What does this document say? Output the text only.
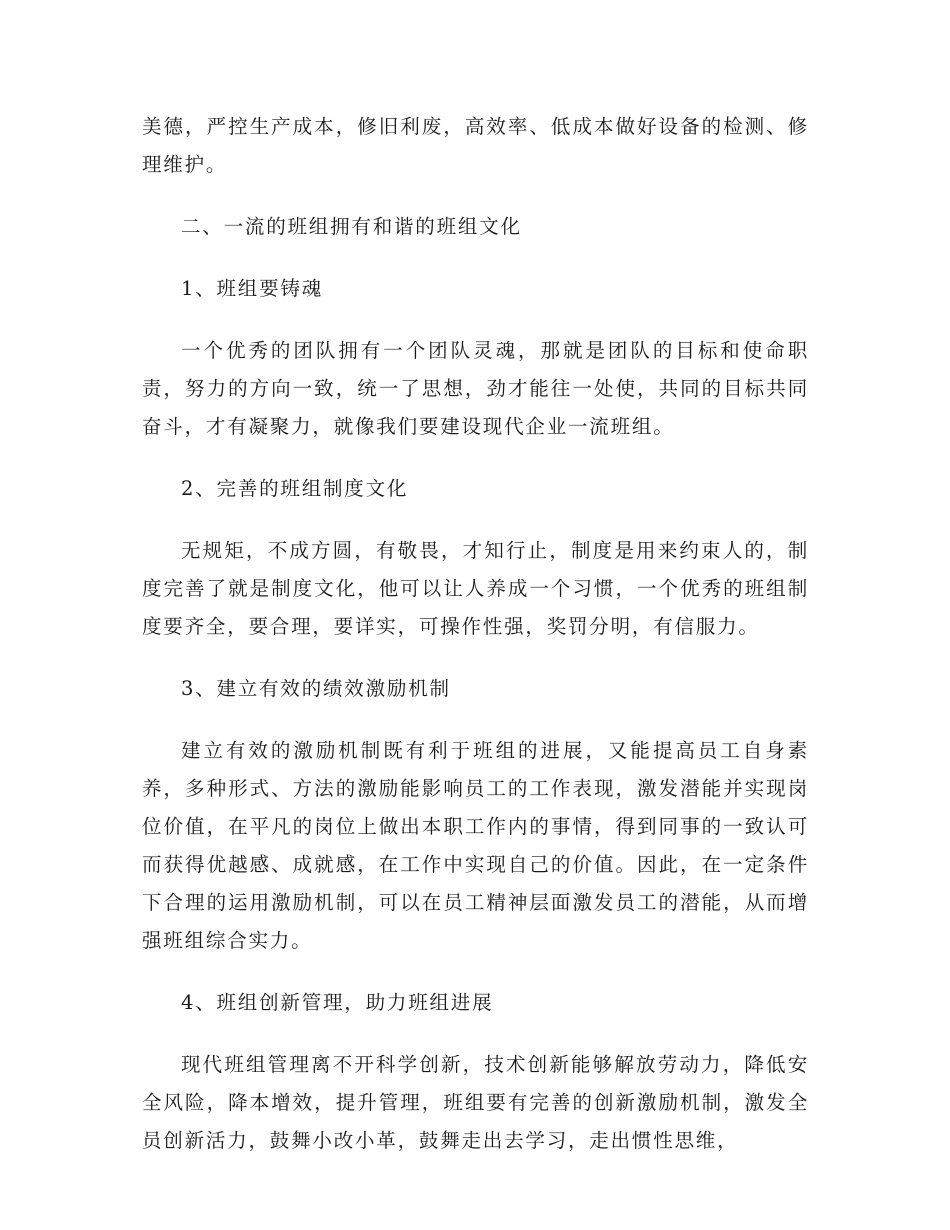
美德，严控生产成本，修旧利废，高效率、低成本做好设备的检测、修理维护。

二、一流的班组拥有和谐的班组文化

1、班组要铸魂

一个优秀的团队拥有一个团队灵魂，那就是团队的目标和使命职责，努力的方向一致，统一了思想，劲才能往一处使，共同的目标共同奋斗，才有凝聚力，就像我们要建设现代企业一流班组。

2、完善的班组制度文化

无规矩，不成方圆，有敬畏，才知行止，制度是用来约束人的，制度完善了就是制度文化，他可以让人养成一个习惯，一个优秀的班组制度要齐全，要合理，要详实，可操作性强，奖罚分明，有信服力。

3、建立有效的绩效激励机制

建立有效的激励机制既有利于班组的进展，又能提高员工自身素养，多种形式、方法的激励能影响员工的工作表现，激发潜能并实现岗位价值，在平凡的岗位上做出本职工作内的事情，得到同事的一致认可而获得优越感、成就感，在工作中实现自己的价值。因此，在一定条件下合理的运用激励机制，可以在员工精神层面激发员工的潜能，从而增强班组综合实力。

4、班组创新管理，助力班组进展

现代班组管理离不开科学创新，技术创新能够解放劳动力，降低安全风险，降本增效，提升管理，班组要有完善的创新激励机制，激发全员创新活力，鼓舞小改小革，鼓舞走出去学习，走出惯性思维，
